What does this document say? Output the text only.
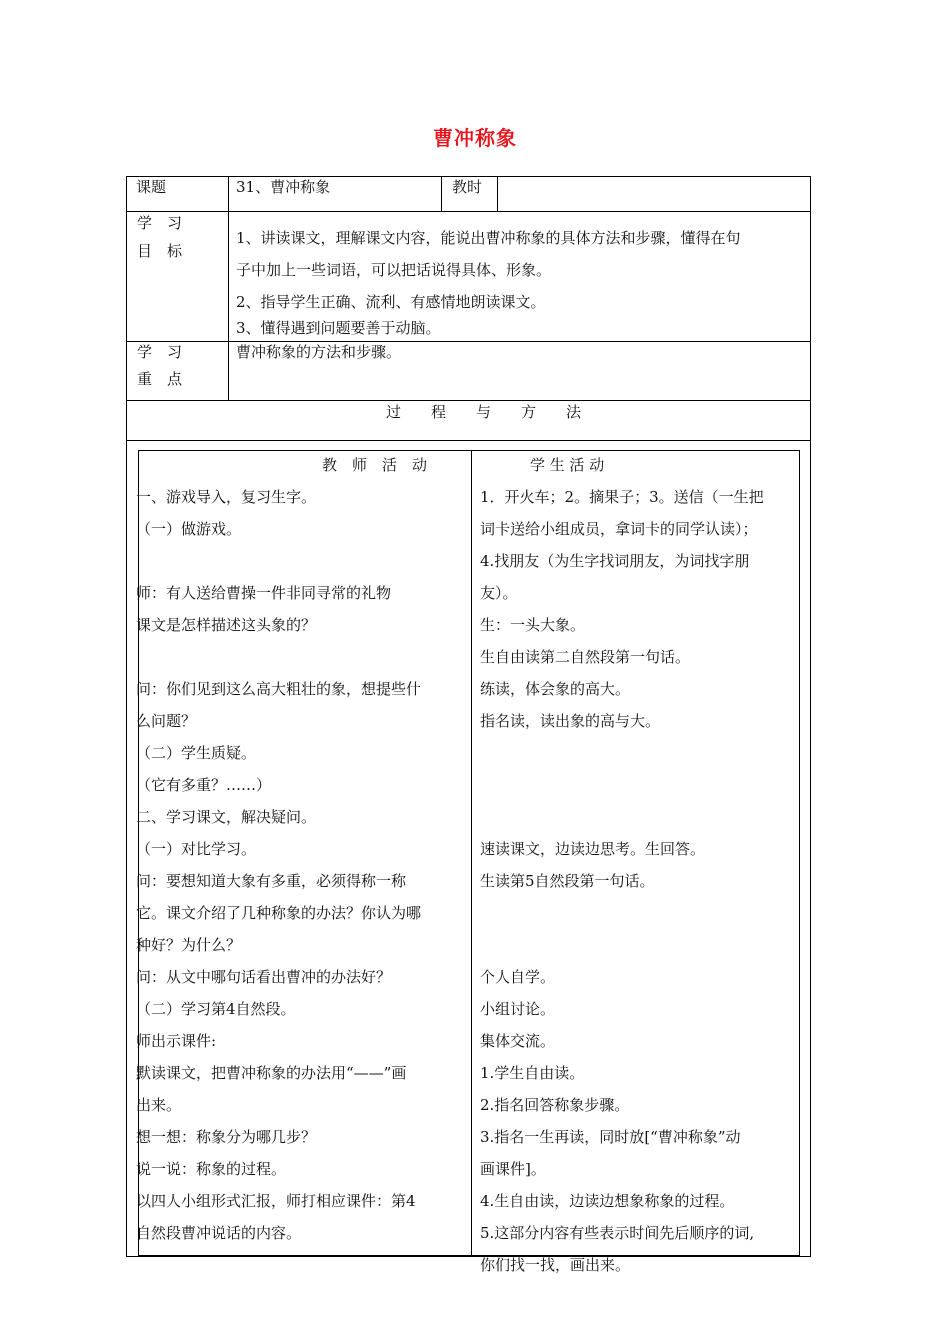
曹冲称象
课题	31、曹冲称象	教时
学　习
目　标
1、讲读课文，理解课文内容，能说出曹冲称象的具体方法和步骤，懂得在句
子中加上一些词语，可以把话说得具体、形象。
2、指导学生正确、流利、有感情地朗读课文。
3、懂得遇到问题要善于动脑。
学　习
重　点
曹冲称象的方法和步骤。
过　　程　　与　　方　　法
教　师　活　动
一、游戏导入，复习生字。
（一）做游戏。
师：有人送给曹操一件非同寻常的礼物
课文是怎样描述这头象的？
问：你们见到这么高大粗壮的象，想提些什
么问题？
（二）学生质疑。
（它有多重？……）
二、学习课文，解决疑问。
（一）对比学习。
问：要想知道大象有多重，必须得称一称
它。课文介绍了几种称象的办法？你认为哪
种好？为什么？
问：从文中哪句话看出曹冲的办法好？
（二）学习第4自然段。
师出示课件:
默读课文，把曹冲称象的办法用“——”画
出来。
想一想：称象分为哪几步？
说一说：称象的过程。
以四人小组形式汇报，师打相应课件：第4
自然段曹冲说话的内容。
学 生 活 动
1．开火车；2。摘果子；3。送信（一生把
词卡送给小组成员，拿词卡的同学认读）；
4.找朋友（为生字找词朋友，为词找字朋
友）。
生：一头大象。
生自由读第二自然段第一句话。
练读，体会象的高大。
指名读，读出象的高与大。
速读课文，边读边思考。生回答。
生读第5自然段第一句话。
个人自学。
小组讨论。
集体交流。
1.学生自由读。
2.指名回答称象步骤。
3.指名一生再读，同时放[“曹冲称象”动
画课件]。
4.生自由读，边读边想象称象的过程。
5.这部分内容有些表示时间先后顺序的词,
你们找一找，画出来。
